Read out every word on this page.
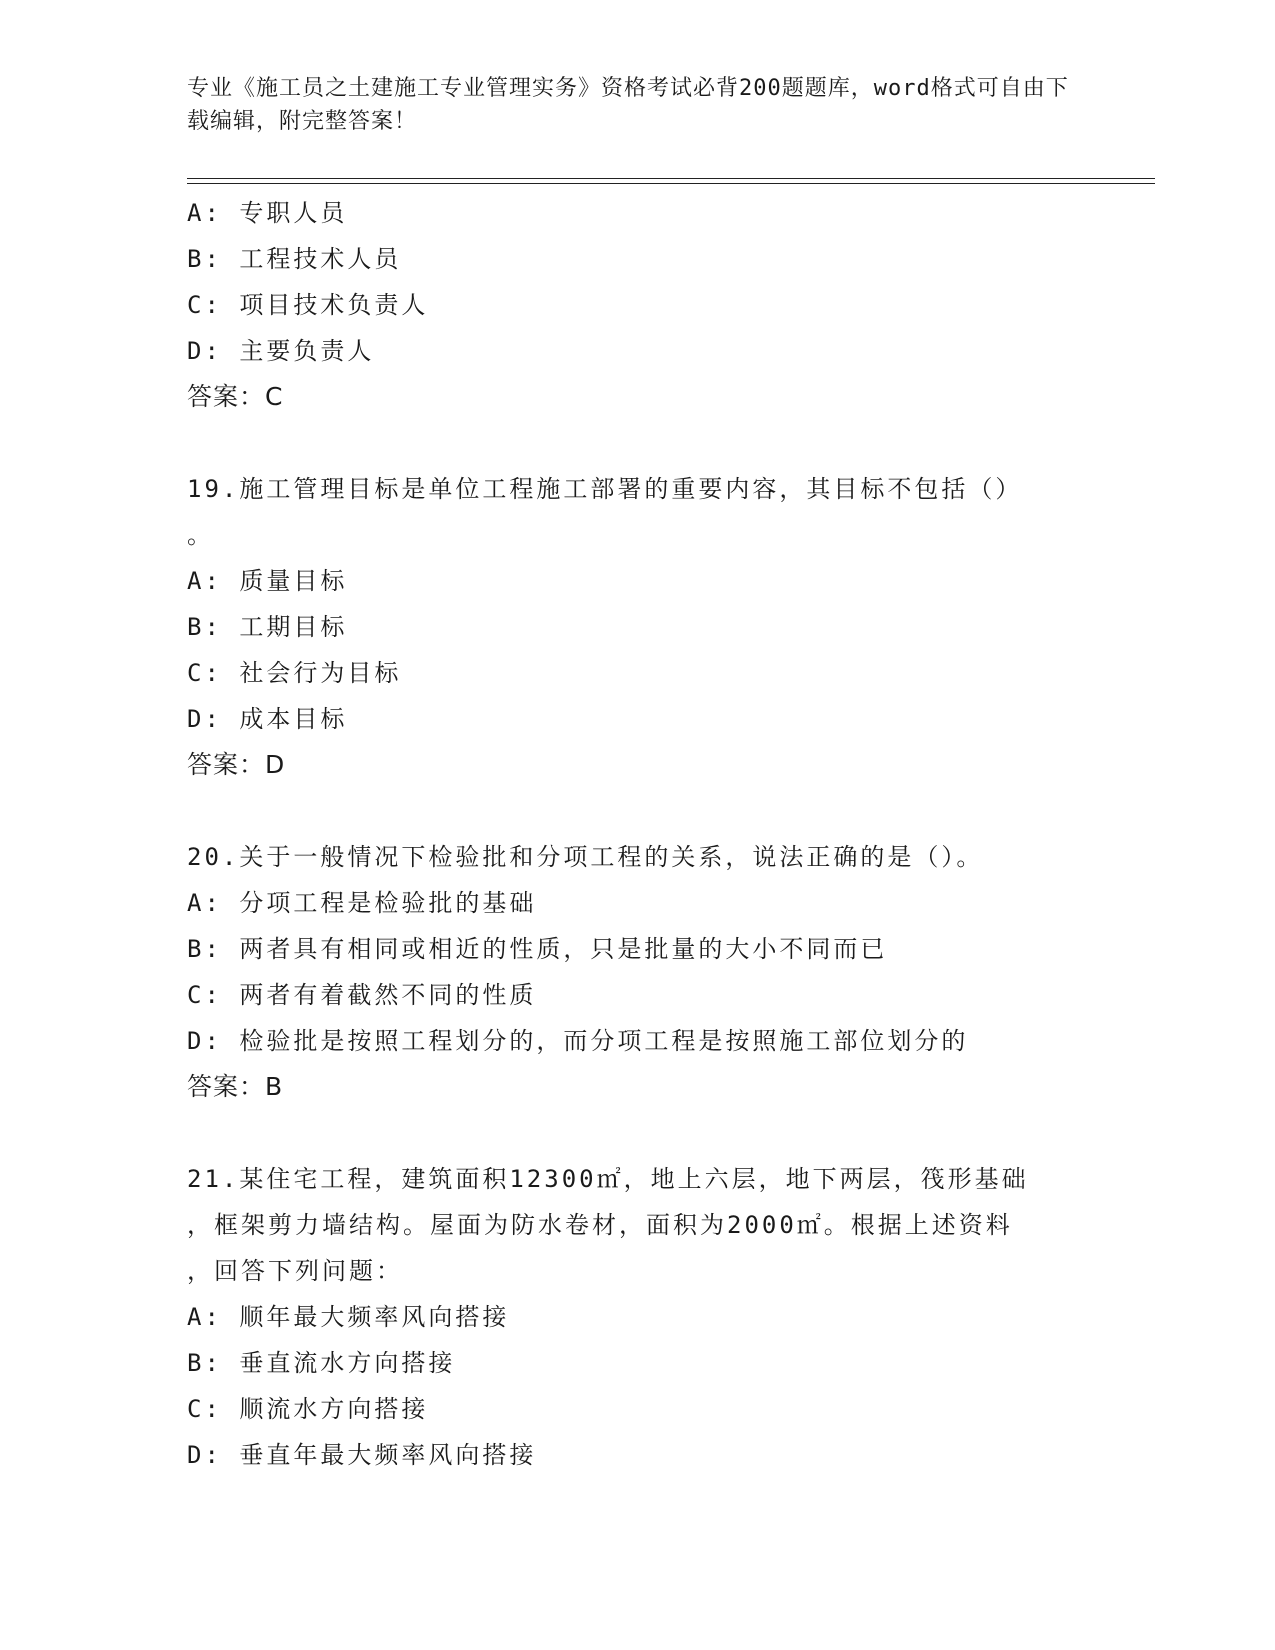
专业《施工员之土建施工专业管理实务》资格考试必背200题题库，word格式可自由下载编辑，附完整答案！
A: 专职人员
B: 工程技术人员
C: 项目技术负责人
D: 主要负责人
答案：C
19.施工管理目标是单位工程施工部署的重要内容，其目标不包括（）
。
A: 质量目标
B: 工期目标
C: 社会行为目标
D: 成本目标
答案：D
20.关于一般情况下检验批和分项工程的关系，说法正确的是（）。
A: 分项工程是检验批的基础
B: 两者具有相同或相近的性质，只是批量的大小不同而已
C: 两者有着截然不同的性质
D: 检验批是按照工程划分的，而分项工程是按照施工部位划分的
答案：B
21.某住宅工程，建筑面积12300㎡，地上六层，地下两层，筏形基础
，框架剪力墙结构。屋面为防水卷材，面积为2000㎡。根据上述资料
，回答下列问题：
A: 顺年最大频率风向搭接
B: 垂直流水方向搭接
C: 顺流水方向搭接
D: 垂直年最大频率风向搭接
